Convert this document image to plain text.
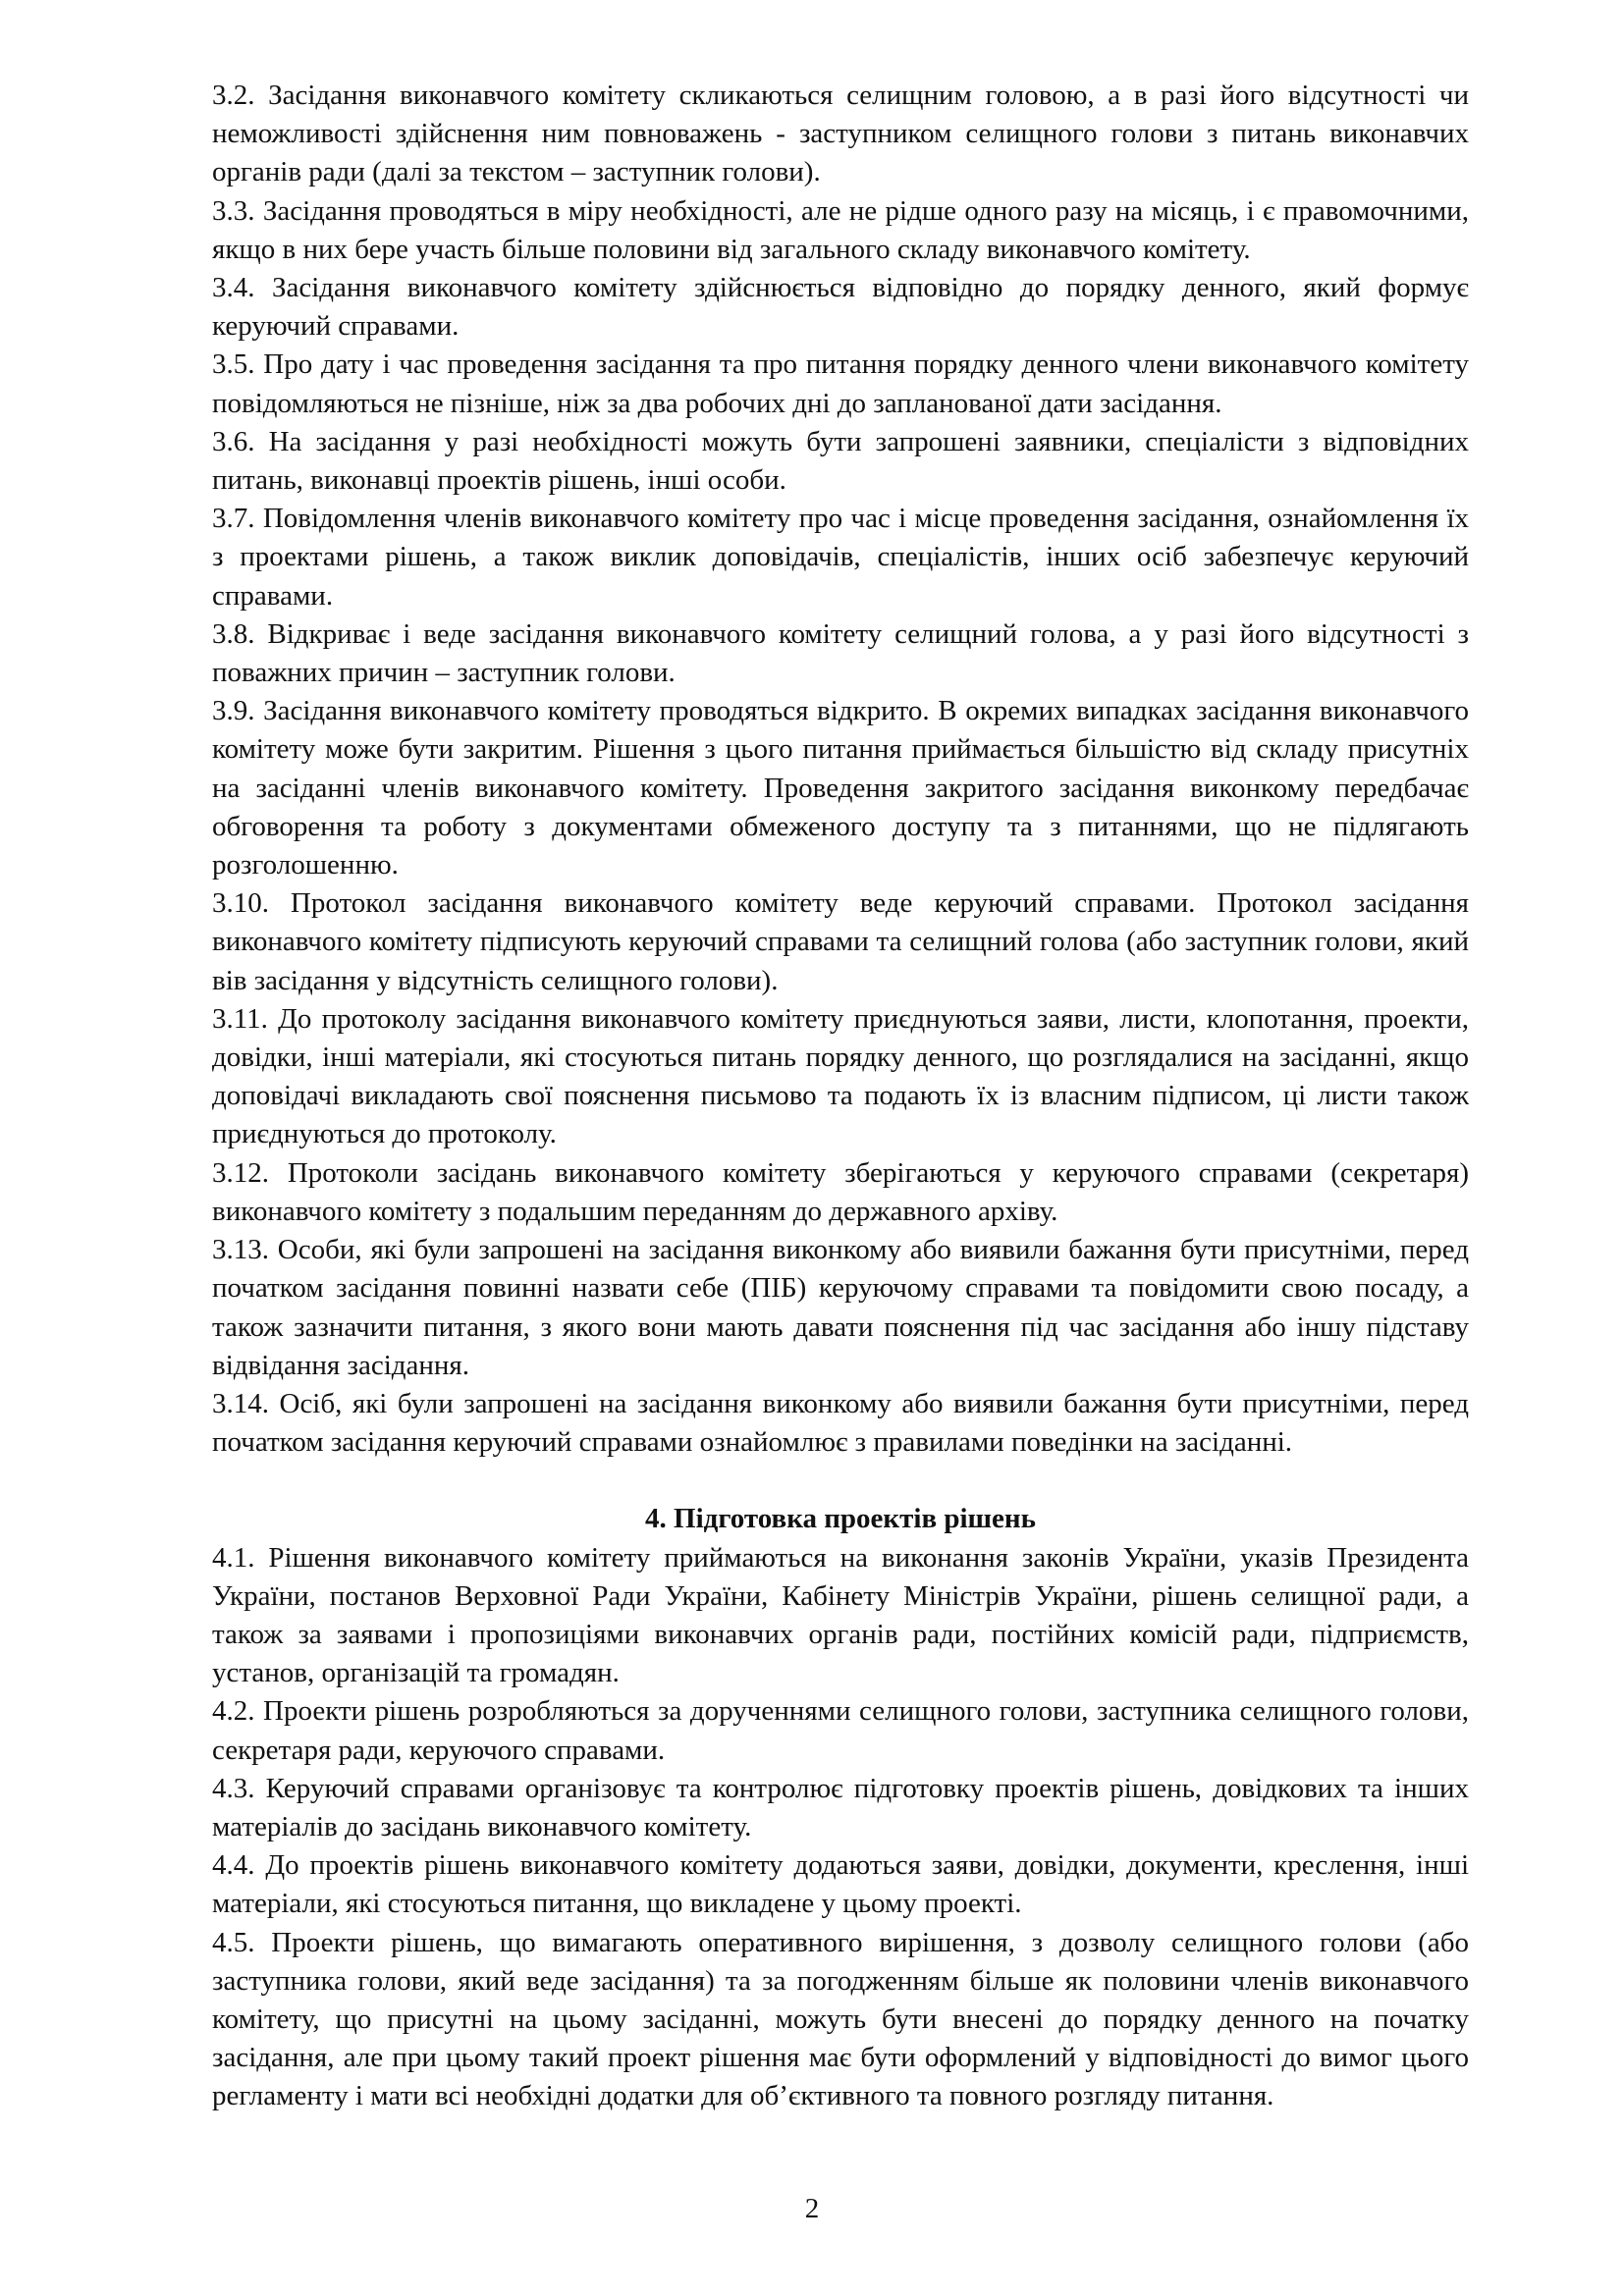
3.2. Засідання виконавчого комітету скликаються селищним головою, а в разі його відсутності чи неможливості здійснення ним повноважень - заступником селищного голови з питань виконавчих органів ради (далі за текстом – заступник голови).

3.3. Засідання проводяться в міру необхідності, але не рідше одного разу на місяць, і є правомочними, якщо в них бере участь більше половини від загального складу виконавчого комітету.

3.4. Засідання виконавчого комітету здійснюється відповідно до порядку денного, який формує керуючий справами.

3.5. Про дату і час проведення засідання та про питання порядку денного члени виконавчого комітету повідомляються не пізніше, ніж за два робочих дні до запланованої дати засідання.

3.6. На засідання у разі необхідності можуть бути запрошені заявники, спеціалісти з відповідних питань, виконавці проектів рішень, інші особи.

3.7. Повідомлення членів виконавчого комітету про час і місце проведення засідання, ознайомлення їх з проектами рішень, а також виклик доповідачів, спеціалістів, інших осіб забезпечує керуючий справами.

3.8. Відкриває і веде засідання виконавчого комітету селищний голова, а у разі його відсутності з поважних причин – заступник голови.

3.9. Засідання виконавчого комітету проводяться відкрито. В окремих випадках засідання виконавчого комітету може бути закритим. Рішення з цього питання приймається більшістю від складу присутніх на засіданні членів виконавчого комітету. Проведення закритого засідання виконкому передбачає обговорення та роботу з документами обмеженого доступу та з питаннями, що не підлягають розголошенню.

3.10. Протокол засідання виконавчого комітету веде керуючий справами. Протокол засідання виконавчого комітету підписують керуючий справами та селищний голова (або заступник голови, який вів засідання у відсутність селищного голови).

3.11. До протоколу засідання виконавчого комітету приєднуються заяви, листи, клопотання, проекти, довідки, інші матеріали, які стосуються питань порядку денного, що розглядалися на засіданні, якщо доповідачі викладають свої пояснення письмово та подають їх із власним підписом, ці листи також приєднуються до протоколу.

3.12. Протоколи засідань виконавчого комітету зберігаються у керуючого справами (секретаря) виконавчого комітету з подальшим переданням до державного архіву.

3.13. Особи, які були запрошені на засідання виконкому або виявили бажання бути присутніми, перед початком засідання повинні назвати себе (ПІБ) керуючому справами та повідомити свою посаду, а також зазначити питання, з якого вони мають давати пояснення під час засідання або іншу підставу відвідання засідання.

3.14. Осіб, які були запрошені на засідання виконкому або виявили бажання бути присутніми, перед початком засідання керуючий справами ознайомлює з правилами поведінки на засіданні.

4. Підготовка проектів рішень

4.1. Рішення виконавчого комітету приймаються на виконання законів України, указів Президента України, постанов Верховної Ради України, Кабінету Міністрів України, рішень селищної ради, а також за заявами і пропозиціями виконавчих органів ради, постійних комісій ради, підприємств, установ, організацій та громадян.

4.2. Проекти рішень розробляються за дорученнями селищного голови, заступника селищного голови, секретаря ради, керуючого справами.

4.3. Керуючий справами організовує та контролює підготовку проектів рішень, довідкових та інших матеріалів до засідань виконавчого комітету.

4.4. До проектів рішень виконавчого комітету додаються заяви, довідки, документи, креслення, інші матеріали, які стосуються питання, що викладене у цьому проекті.

4.5. Проекти рішень, що вимагають оперативного вирішення, з дозволу селищного голови (або заступника голови, який веде засідання) та за погодженням більше як половини членів виконавчого комітету, що присутні на цьому засіданні, можуть бути внесені до порядку денного на початку засідання, але при цьому такий проект рішення має бути оформлений у відповідності до вимог цього регламенту і мати всі необхідні додатки для об’єктивного та повного розгляду питання.

2
